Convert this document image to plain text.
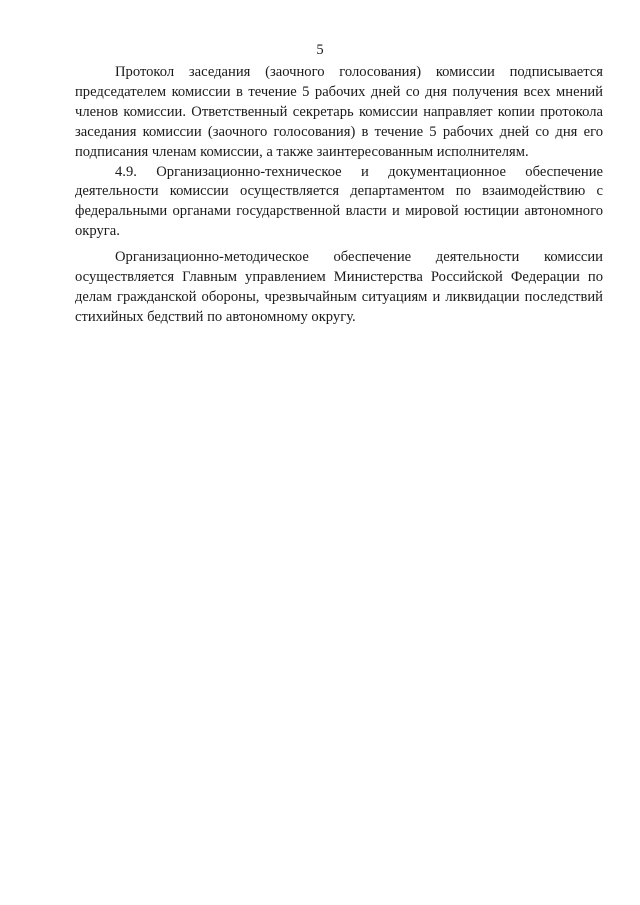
5

Протокол заседания (заочного голосования) комиссии подписывается председателем комиссии в течение 5 рабочих дней со дня получения всех мнений членов комиссии. Ответственный секретарь комиссии направляет копии протокола заседания комиссии (заочного голосования) в течение 5 рабочих дней со дня его подписания членам комиссии, а также заинтересованным исполнителям.

4.9. Организационно-техническое и документационное обеспечение деятельности комиссии осуществляется департаментом по взаимодействию с федеральными органами государственной власти и мировой юстиции автономного округа.

Организационно-методическое обеспечение деятельности комиссии осуществляется Главным управлением Министерства Российской Федерации по делам гражданской обороны, чрезвычайным ситуациям и ликвидации последствий стихийных бедствий по автономному округу.
